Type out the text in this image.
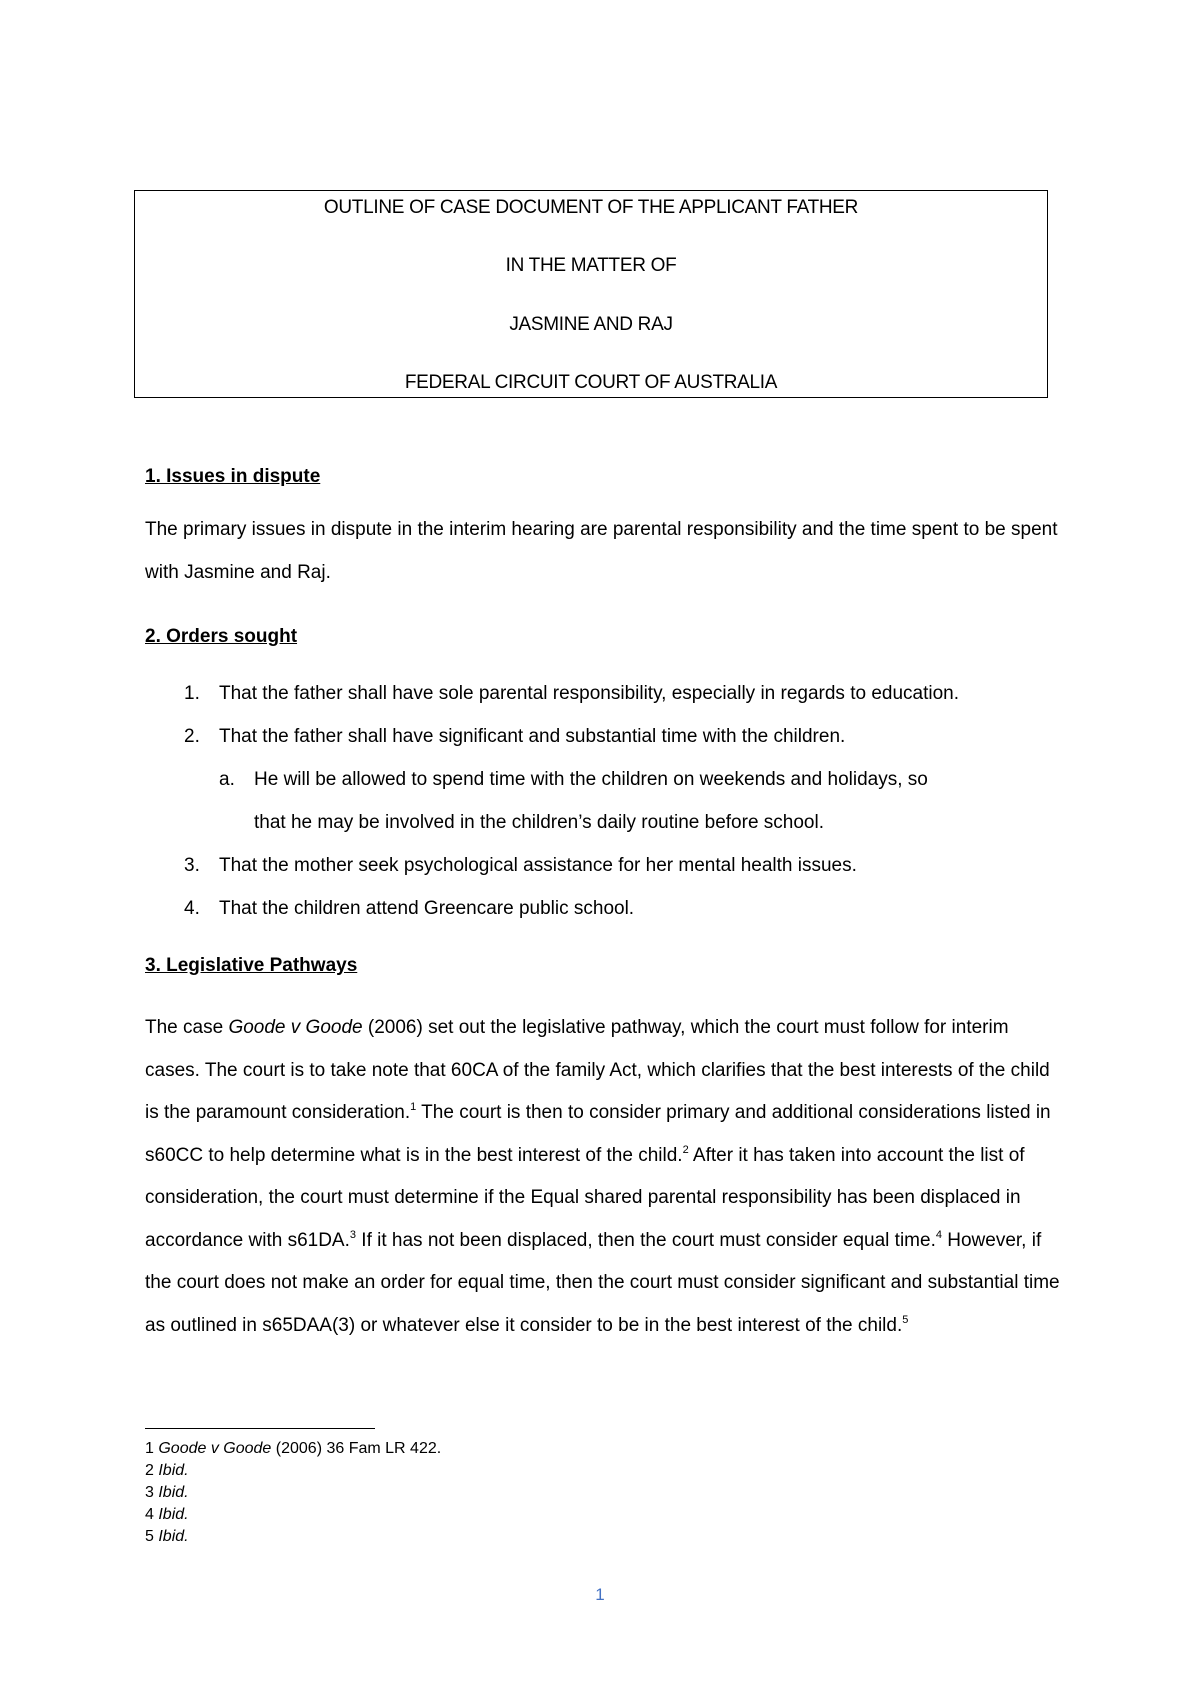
OUTLINE OF CASE DOCUMENT OF THE APPLICANT FATHER
IN THE MATTER OF
JASMINE AND RAJ
FEDERAL CIRCUIT COURT OF AUSTRALIA
1. Issues in dispute
The primary issues in dispute in the interim hearing are parental responsibility and the time spent to be spent with Jasmine and Raj.
2. Orders sought
1. That the father shall have sole parental responsibility, especially in regards to education.
2. That the father shall have significant and substantial time with the children.
a. He will be allowed to spend time with the children on weekends and holidays, so
that he may be involved in the children’s daily routine before school.
3. That the mother seek psychological assistance for her mental health issues.
4. That the children attend Greencare public school.
3. Legislative Pathways
The case Goode v Goode (2006) set out the legislative pathway, which the court must follow for interim cases. The court is to take note that 60CA of the family Act, which clarifies that the best interests of the child is the paramount consideration.$^1$ The court is then to consider primary and additional considerations listed in s60CC to help determine what is in the best interest of the child.$^2$ After it has taken into account the list of consideration, the court must determine if the Equal shared parental responsibility has been displaced in accordance with s61DA.$^3$ If it has not been displaced, then the court must consider equal time.$^4$ However, if the court does not make an order for equal time, then the court must consider significant and substantial time as outlined in s65DAA(3) or whatever else it consider to be in the best interest of the child.$^5$
1 Goode v Goode (2006) 36 Fam LR 422.
2 Ibid.
3 Ibid.
4 Ibid.
5 Ibid.
1
